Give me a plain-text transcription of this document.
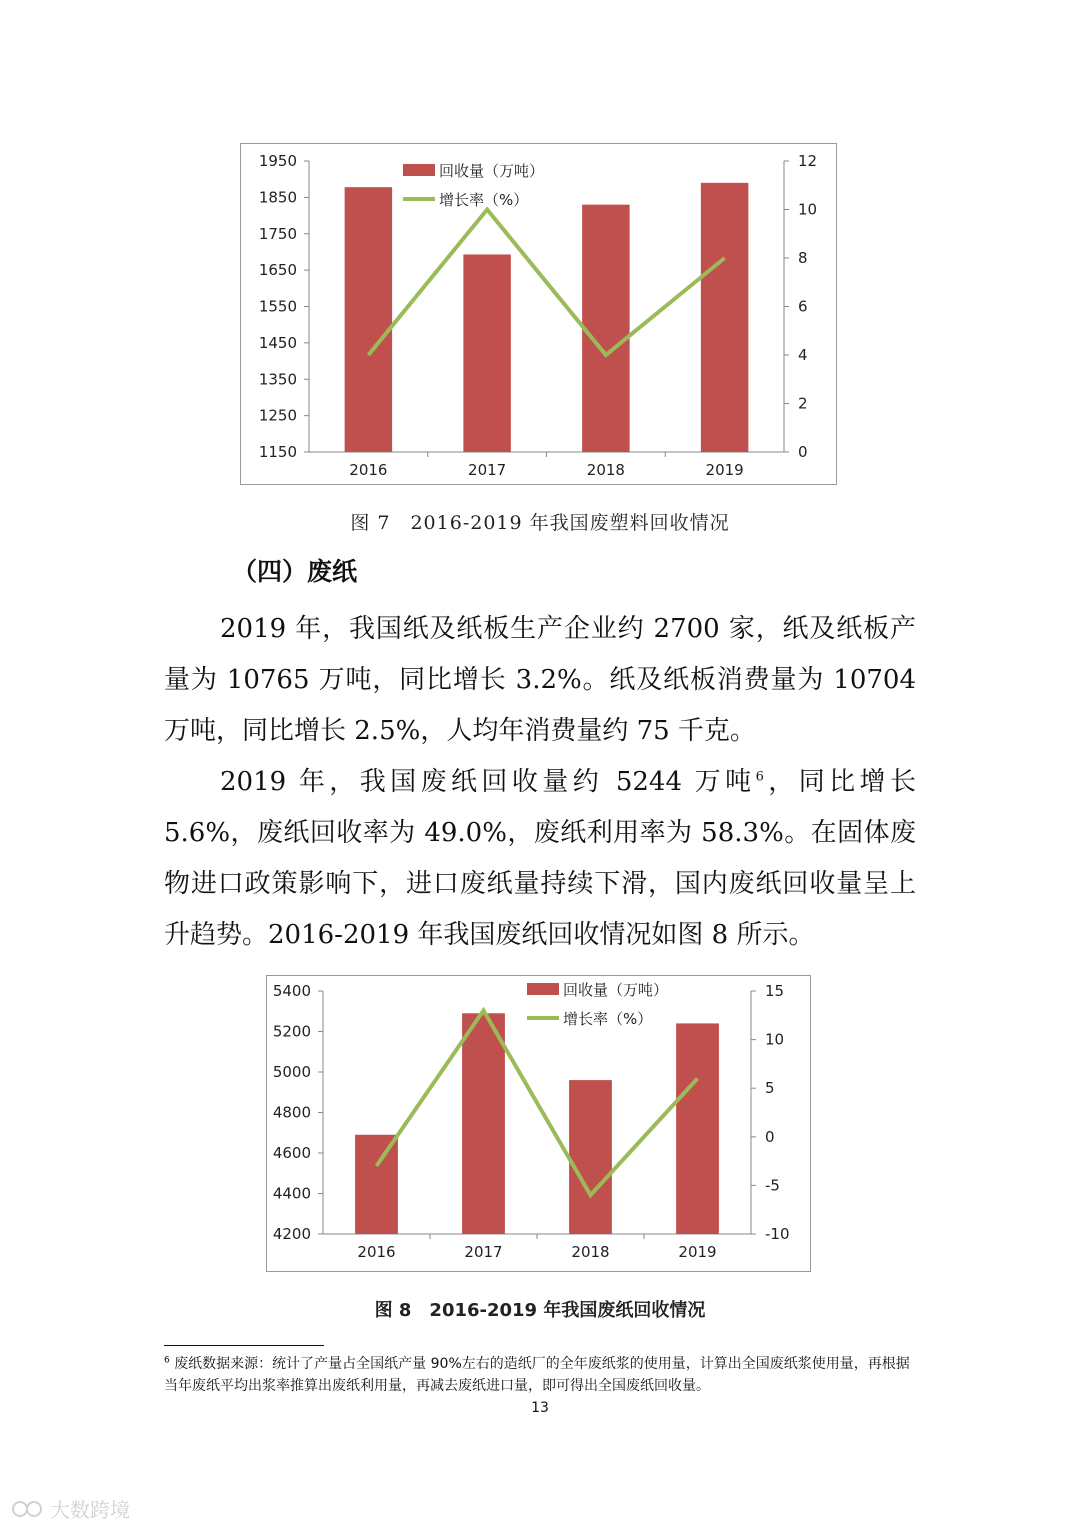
1150
1250
1350
1450
1550
1650
1750
1850
1950
0
2
4
6
8
10
12
2016	2017	2018	2019
回收量（万吨）
增长率（%）
图 7　2016-2019 年我国废塑料回收情况
（四）废纸

2019 年，我国纸及纸板生产企业约 2700 家，纸及纸板产量为 10765 万吨，同比增长 3.2%。纸及纸板消费量为 10704 万吨，同比增长 2.5%，人均年消费量约 75 千克。

2019 年，我国废纸回收量约 5244 万吨$^6$，同比增长 5.6%，废纸回收率为 49.0%，废纸利用率为 58.3%。在固体废物进口政策影响下，进口废纸量持续下滑，国内废纸回收量呈上升趋势。2016-2019 年我国废纸回收情况如图 8 所示。

4200
4400
4600
4800
5000
5200
5400
-10
-5
0
5
10
15
2016	2017	2018	2019
回收量（万吨）
增长率（%）
图 8　2016-2019 年我国废纸回收情况

$^6$ 废纸数据来源：统计了产量占全国纸产量 90%左右的造纸厂的全年废纸浆的使用量，计算出全国废纸浆使用量，再根据当年废纸平均出浆率推算出废纸利用量，再减去废纸进口量，即可得出全国废纸回收量。

13
大数跨境
